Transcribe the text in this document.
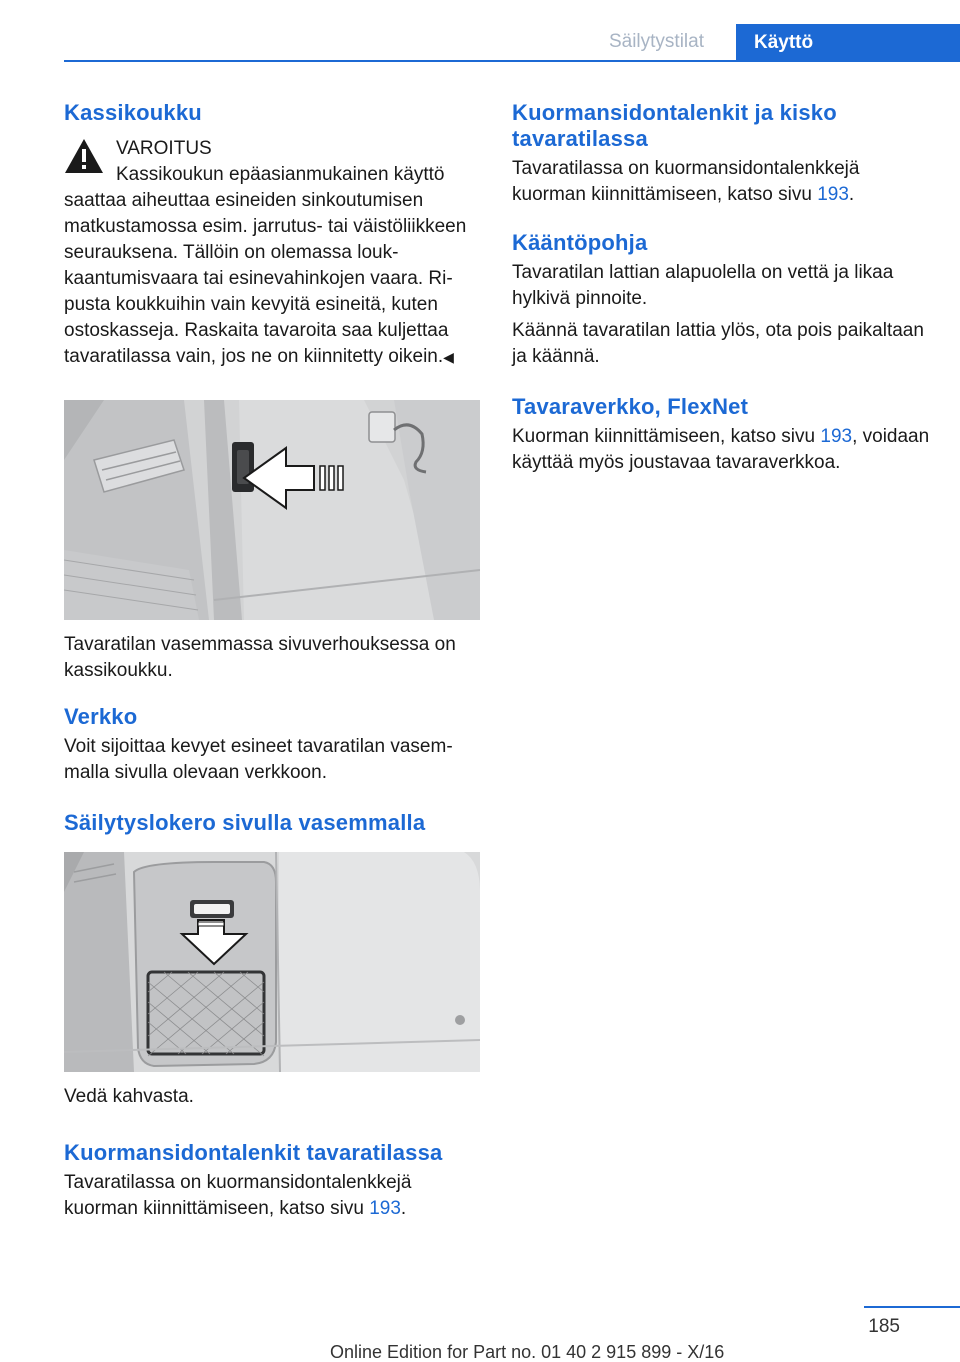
Säilytystilat	Käyttö
Kassikoukku
VAROITUS
Kassikoukun epäasianmukainen käyttö

saattaa aiheuttaa esineiden sinkoutumisen matkustamossa esim. jarrutus- tai väistöliikkeen seurauksena. Tällöin on olemassa loukkaantumisvaara tai esinevahinkojen vaara. Ripusta koukkuihin vain kevyitä esineitä, kuten ostoskasseja. Raskaita tavaroita saa kuljettaa tavaratilassa vain, jos ne on kiinnitetty oikein.◀

Tavaratilan vasemmassa sivuverhouksessa on kassikoukku.

Verkko

Voit sijoittaa kevyet esineet tavaratilan vasemmalla sivulla olevaan verkkoon.

Säilytyslokero sivulla vasemmalla

Vedä kahvasta.

Kuormansidontalenkit tavaratilassa

Tavaratilassa on kuormansidontalenkkejä kuorman kiinnittämiseen, katso sivu 193.

Kuormansidontalenkit ja kisko tavaratilassa

Tavaratilassa on kuormansidontalenkkejä kuorman kiinnittämiseen, katso sivu 193.

Kääntöpohja

Tavaratilan lattian alapuolella on vettä ja likaa hylkivä pinnoite.

Käännä tavaratilan lattia ylös, ota pois paikaltaan ja käännä.

Tavaraverkko, FlexNet

Kuorman kiinnittämiseen, katso sivu 193, voidaan käyttää myös joustavaa tavaraverkkoa.

185
Online Edition for Part no. 01 40 2 915 899 - X/16
